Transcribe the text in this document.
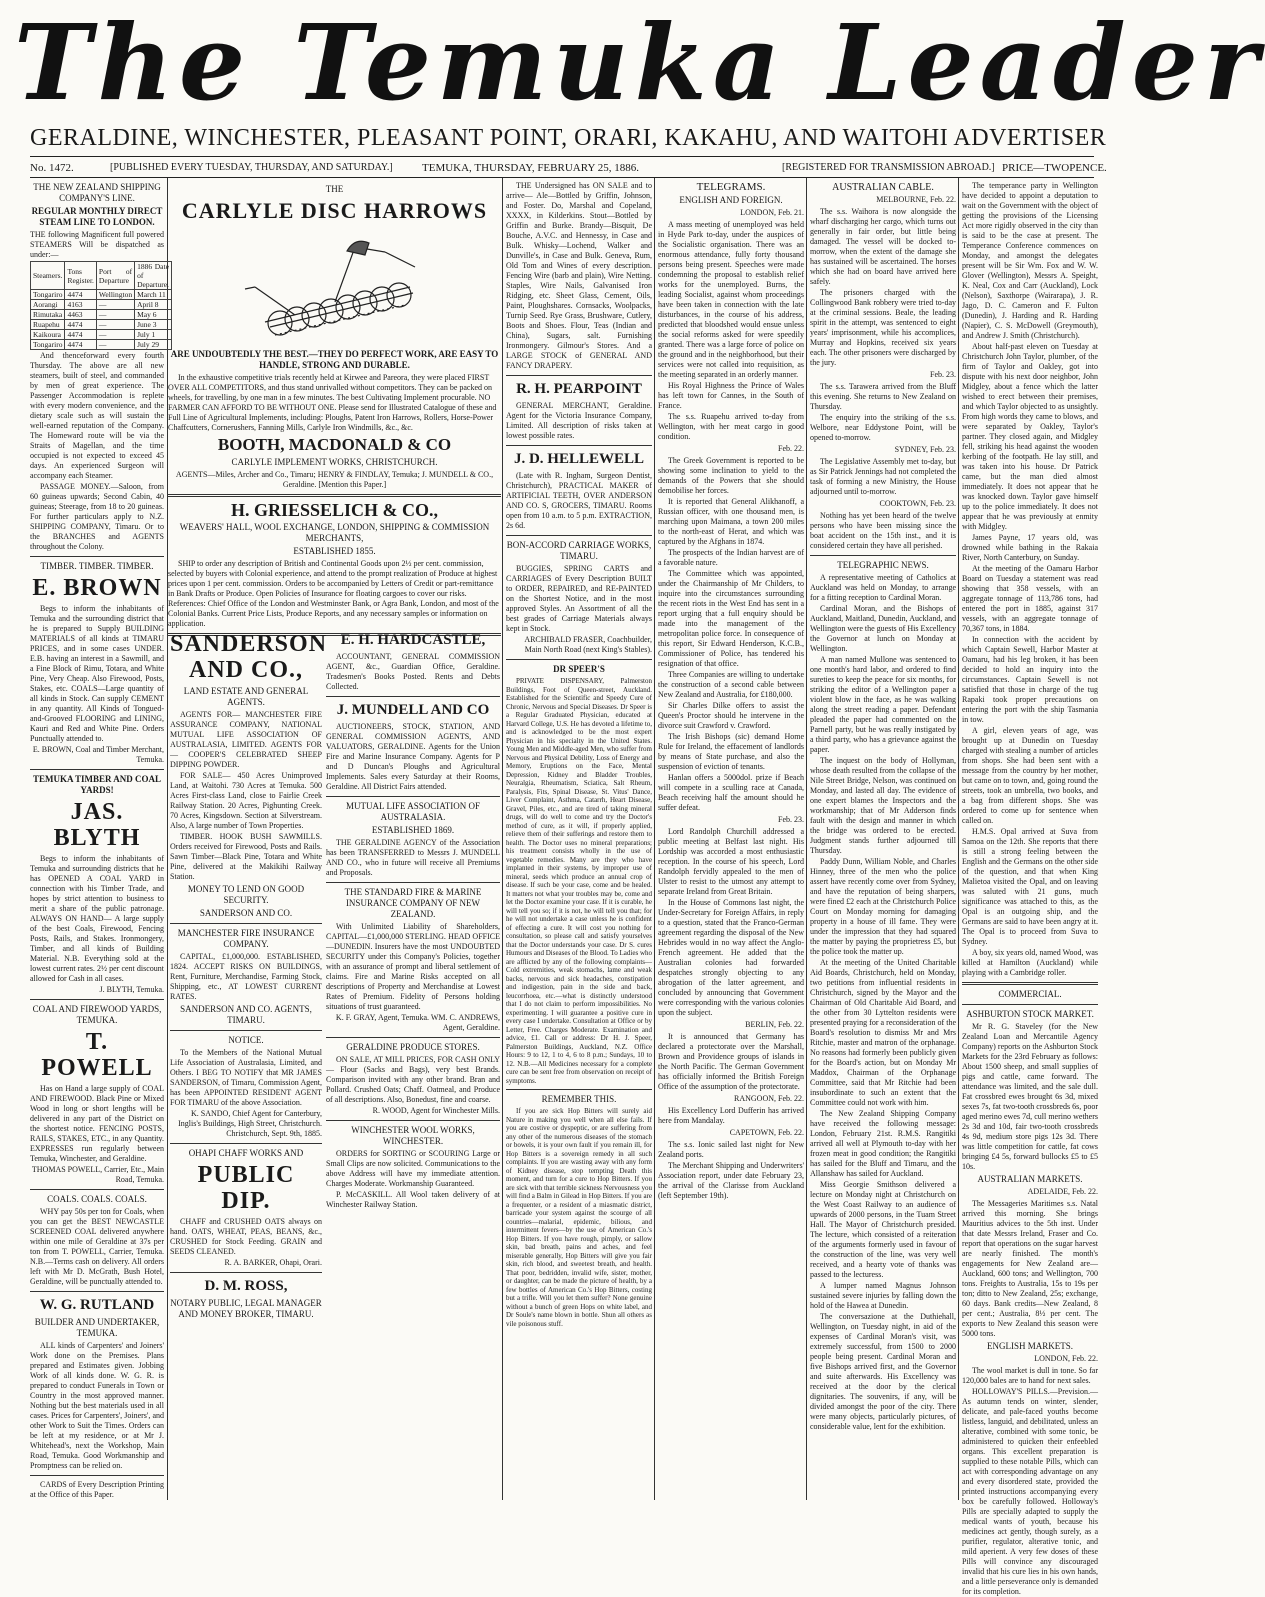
The Temuka Leader
GERALDINE, WINCHESTER, PLEASANT POINT, ORARI, KAKAHU, AND WAITOHI ADVERTISER
No. 1472.	[PUBLISHED EVERY TUESDAY, THURSDAY, AND SATURDAY.]	TEMUKA, THURSDAY, FEBRUARY 25, 1886.	[REGISTERED FOR TRANSMISSION ABROAD.] PRICE—TWOPENCE.
THE NEW ZEALAND SHIPPING COMPANY'S LINE.
REGULAR MONTHLY DIRECT STEAM LINE TO LONDON.
THE following Magnificent full powered STEAMERS Will be dispatched as under:—
Steamers.	Tons Register.	Port of Departure	1886 Date of Departure.
Tongariro	4474	Wellington	March 11
Aorangi	4163	—	April 8
Rimutaka	4463	—	May 6
Ruapehu	4474	—	June 3
Kaikoura	4474	—	July 1
Tongariro	4474	—	July 29
And thenceforward every fourth Thursday. The above are all new steamers, built of steel, and commanded by men of great experience. The Passenger Accommodation is replete with every modern convenience, and the dietary scale such as will sustain the well-earned reputation of the Company. The Homeward route will be via the Straits of Magellan, and the time occupied is not expected to exceed 45 days. An experienced Surgeon will accompany each Steamer.
PASSAGE MONEY.—Saloon, from 60 guineas upwards; Second Cabin, 40 guineas; Steerage, from 18 to 20 guineas. For further particulars apply to N.Z. SHIPPING COMPANY, Timaru. Or to the BRANCHES and AGENTS throughout the Colony.
TIMBER. TIMBER. TIMBER.
E. BROWN
Begs to inform the inhabitants of Temuka and the surrounding district that he is prepared to Supply BUILDING MATERIALS of all kinds at TIMARU PRICES, and in some cases UNDER. E.B. having an interest in a Sawmill, and a Fine Block of Rimu, Totara, and White Pine, Very Cheap. Also Firewood, Posts, Stakes, etc. COALS—Large quantity of all kinds in Stock. Can supply CEMENT in any quantity. All Kinds of Tongued-and-Grooved FLOORING and LINING, Kauri and Red and White Pine. Orders Punctually attended to.
E. BROWN, Coal and Timber Merchant, Temuka.
TEMUKA TIMBER AND COAL YARDS!
JAS. BLYTH
Begs to inform the inhabitants of Temuka and surrounding districts that he has OPENED A COAL YARD in connection with his Timber Trade, and hopes by strict attention to business to merit a share of the public patronage. ALWAYS ON HAND— A large supply of the best Coals, Firewood, Fencing Posts, Rails, and Stakes. Ironmongery, Timber, and all kinds of Building Material. N.B. Everything sold at the lowest current rates. 2½ per cent discount allowed for Cash in all cases.
J. BLYTH, Temuka.
COAL AND FIREWOOD YARDS, TEMUKA.
T. POWELL
Has on Hand a large supply of COAL AND FIREWOOD. Black Pine or Mixed Wood in long or short lengths will be delivered in any part of the District on the shortest notice. FENCING POSTS, RAILS, STAKES, ETC., in any Quantity. EXPRESSES run regularly between Temuka, Winchester, and Geraldine.
THOMAS POWELL, Carrier, Etc., Main Road, Temuka.
COALS. COALS. COALS.
WHY pay 50s per ton for Coals, when you can get the BEST NEWCASTLE SCREENED COAL delivered anywhere within one mile of Geraldine at 37s per ton from T. POWELL, Carrier, Temuka. N.B.—Terms cash on delivery. All orders left with Mr D. McGrath, Bush Hotel, Geraldine, will be punctually attended to.
W. G. RUTLAND
BUILDER AND UNDERTAKER, TEMUKA.
ALL kinds of Carpenters' and Joiners' Work done on the Premises. Plans prepared and Estimates given. Jobbing Work of all kinds done. W. G. R. is prepared to conduct Funerals in Town or Country in the most approved manner. Nothing but the best materials used in all cases. Prices for Carpenters', Joiners', and other Work to Suit the Times. Orders can be left at my residence, or at Mr J. Whitehead's, next the Workshop, Main Road, Temuka. Good Workmanship and Promptness can be relied on.
CARDS of Every Description Printing at the Office of this Paper.
THE
CARLYLE DISC HARROWS
ARE UNDOUBTEDLY THE BEST.—THEY DO PERFECT WORK, ARE EASY TO HANDLE, STRONG AND DURABLE.
In the exhaustive competitive trials recently held at Kirwee and Pareora, they were placed FIRST OVER ALL COMPETITORS, and thus stand unrivalled without competitors. They can be packed on wheels, for travelling, by one man in a few minutes. The best Cultivating Implement procurable. NO FARMER CAN AFFORD TO BE WITHOUT ONE. Please send for Illustrated Catalogue of these and Full Line of Agricultural Implements, including: Ploughs, Patent Iron Harrows, Rollers, Horse-Power Chaffcutters, Cornerushers, Fanning Mills, Carlyle Iron Windmills, &c., &c.
BOOTH, MACDONALD & CO
CARLYLE IMPLEMENT WORKS, CHRISTCHURCH.
AGENTS—Miles, Archer and Co., Timaru; HENRY & FINDLAY, Temuka; J. MUNDELL & CO., Geraldine. [Mention this Paper.]
H. GRIESSELICH & CO.,
WEAVERS' HALL, WOOL EXCHANGE, LONDON, SHIPPING & COMMISSION MERCHANTS,
ESTABLISHED 1855.
SHIP to order any description of British and Continental Goods upon 2½ per cent. commission, selected by buyers with Colonial experience, and attend to the prompt realization of Produce at highest prices upon 1 per cent. commission. Orders to be accompanied by Letters of Credit or part-remittance in Bank Drafts or Produce. Open Policies of Insurance for floating cargoes to cover our risks. References: Chief Office of the London and Westminster Bank, or Agra Bank, London, and most of the Colonial Banks. Current Price Lists, Produce Reports, and any necessary samples or information on application.
SANDERSON AND CO.,
LAND ESTATE AND GENERAL AGENTS.
AGENTS FOR— MANCHESTER FIRE ASSURANCE COMPANY, NATIONAL MUTUAL LIFE ASSOCIATION OF AUSTRALASIA, LIMITED. AGENTS FOR— COOPER'S CELEBRATED SHEEP DIPPING POWDER.
FOR SALE— 450 Acres Unimproved Land, at Waitohi. 730 Acres at Temuka. 500 Acres First-class Land, close to Fairlie Creek Railway Station. 20 Acres, Pighunting Creek. 70 Acres, Kingsdown. Section at Silverstream. Also, A large number of Town Properties.
TIMBER. HOOK BUSH SAWMILLS. Orders received for Firewood, Posts and Rails. Sawn Timber—Black Pine, Totara and White Pine, delivered at the Makikihi Railway Station.
MONEY TO LEND ON GOOD SECURITY.
SANDERSON AND CO.
MANCHESTER FIRE INSURANCE COMPANY.
CAPITAL, £1,000,000. ESTABLISHED, 1824. ACCEPT RISKS ON BUILDINGS, Rent, Furniture, Merchandise, Farming Stock, Shipping, etc., AT LOWEST CURRENT RATES.
SANDERSON AND CO. AGENTS, TIMARU.
NOTICE.
To the Members of the National Mutual Life Association of Australasia, Limited, and Others. I BEG TO NOTIFY that MR JAMES SANDERSON, of Timaru, Commission Agent, has been APPOINTED RESIDENT AGENT FOR TIMARU of the above Association.
K. SANDO, Chief Agent for Canterbury, Inglis's Buildings, High Street, Christchurch. Christchurch, Sept. 9th, 1885.
OHAPI CHAFF WORKS AND
PUBLIC DIP.
CHAFF and CRUSHED OATS always on hand. OATS, WHEAT, PEAS, BEANS, &c., CRUSHED for Stock Feeding. GRAIN and SEEDS CLEANED.
R. A. BARKER, Ohapi, Orari.
D. M. ROSS,
NOTARY PUBLIC, LEGAL MANAGER AND MONEY BROKER, TIMARU.
E. H. HARDCASTLE,
ACCOUNTANT, GENERAL COMMISSION AGENT, &c., Guardian Office, Geraldine. Tradesmen's Books Posted. Rents and Debts Collected.
J. MUNDELL AND CO
AUCTIONEERS, STOCK, STATION, AND GENERAL COMMISSION AGENTS, AND VALUATORS, GERALDINE. Agents for the Union Fire and Marine Insurance Company. Agents for P and D Duncan's Ploughs and Agricultural Implements. Sales every Saturday at their Rooms, Geraldine. All District Fairs attended.
MUTUAL LIFE ASSOCIATION OF AUSTRALASIA.
ESTABLISHED 1869.
THE GERALDINE AGENCY of the Association has been TRANSFERRED to Messrs J. MUNDELL AND CO., who in future will receive all Premiums and Proposals.
THE STANDARD FIRE & MARINE INSURANCE COMPANY OF NEW ZEALAND.
With Unlimited Liability of Shareholders, CAPITAL—£1,000,000 STERLING. HEAD OFFICE—DUNEDIN. Insurers have the most UNDOUBTED SECURITY under this Company's Policies, together with an assurance of prompt and liberal settlement of claims. Fire and Marine Risks accepted on all descriptions of Property and Merchandise at Lowest Rates of Premium. Fidelity of Persons holding situations of trust guaranteed.
K. F. GRAY, Agent, Temuka. WM. C. ANDREWS, Agent, Geraldine.
GERALDINE PRODUCE STORES.
ON SALE, AT MILL PRICES, FOR CASH ONLY— Flour (Sacks and Bags), very best Brands. Comparison invited with any other brand. Bran and Pollard. Crushed Oats; Chaff. Oatmeal, and Produce of all descriptions. Also, Bonedust, fine and coarse.
R. WOOD, Agent for Winchester Mills.
WINCHESTER WOOL WORKS, WINCHESTER.
ORDERS for SORTING or SCOURING Large or Small Clips are now solicited. Communications to the above Address will have my immediate attention. Charges Moderate. Workmanship Guaranteed.
P. McCASKILL. All Wool taken delivery of at Winchester Railway Station.
THE Undersigned has ON SALE and to arrive— Ale—Bottled by Griffin, Johnson, and Foster. Do, Marshal and Copeland, XXXX, in Kilderkins. Stout—Bottled by Griffin and Burke. Brandy—Bisquit, De Bouche, A.V.C. and Hennessy, in Case and Bulk. Whisky—Lochend, Walker and Dunville's, in Case and Bulk. Geneva, Rum, Old Tom and Wines of every description. Fencing Wire (barb and plain), Wire Netting. Staples, Wire Nails, Galvanised Iron Ridging, etc. Sheet Glass, Cement, Oils, Paint, Ploughshares. Cornsacks, Woolpacks, Turnip Seed. Rye Grass, Brushware, Cutlery, Boots and Shoes. Flour, Teas (Indian and China), Sugars, salt. Furnishing Ironmongery. Gilmour's Stores. And a LARGE STOCK of GENERAL AND FANCY DRAPERY.
R. H. PEARPOINT
GENERAL MERCHANT, Geraldine. Agent for the Victoria Insurance Company, Limited. All description of risks taken at lowest possible rates.
J. D. HELLEWELL
(Late with R. Ingham, Surgeon Dentist, Christchurch), PRACTICAL MAKER of ARTIFICIAL TEETH, OVER ANDERSON AND CO. S, GROCERS, TIMARU. Rooms open from 10 a.m. to 5 p.m. EXTRACTION, 2s 6d.
BON-ACCORD CARRIAGE WORKS, TIMARU.
BUGGIES, SPRING CARTS and CARRIAGES of Every Description BUILT to ORDER, REPAIRED, and RE-PAINTED on the Shortest Notice, and in the most approved Styles. An Assortment of all the best grades of Carriage Materials always kept in Stock.
ARCHIBALD FRASER, Coachbuilder, Main North Road (next King's Stables).
DR SPEER'S
PRIVATE DISPENSARY, Palmerston Buildings, Foot of Queen-street, Auckland. Established for the Scientific and Speedy Cure of Chronic, Nervous and Special Diseases. Dr Speer is a Regular Graduated Physician, educated at Harvard College, U.S. He has devoted a lifetime to, and is acknowledged to be the most expert Physician in his specialty in the United States. Young Men and Middle-aged Men, who suffer from Nervous and Physical Debility, Loss of Energy and Memory, Eruptions on the Face, Mental Depression, Kidney and Bladder Troubles, Neuralgia, Rheumatism, Sciatica, Salt Rheum, Paralysis, Fits, Spinal Disease, St. Vitus' Dance, Liver Complaint, Asthma, Catarrh, Heart Disease, Gravel, Piles, etc., and are tired of taking mineral drugs, will do well to come and try the Doctor's method of cure, as it will, if properly applied, relieve them of their sufferings and restore them to health. The Doctor uses no mineral preparations; his treatment consists wholly in the use of vegetable remedies. Many are they who have implanted in their systems, by improper use of mineral, seeds which produce an annual crop of disease. If such be your case, come and be healed. It matters not what your troubles may be, come and let the Doctor examine your case. If it is curable, he will tell you so; if it is not, he will tell you that; for he will not undertake a case unless he is confident of effecting a cure. It will cost you nothing for consultation, so please call and satisfy yourselves that the Doctor understands your case. Dr S. cures Humours and Diseases of the Blood. To Ladies who are afflicted by any of the following complaints—Cold extremities, weak stomachs, lame and weak backs, nervous and sick headaches, constipation and indigestion, pain in the side and back, leucorrhoea, etc.—what is distinctly understood that I do not claim to perform impossibilities. No experimenting. I will guarantee a positive cure in every case I undertake. Consultation at Office or by Letter, Free. Charges Moderate. Examination and advice, £1. Call or address: Dr H. J. Speer, Palmerston Buildings, Auckland, N.Z. Office Hours: 9 to 12, 1 to 4, 6 to 8 p.m.; Sundays, 10 to 12. N.B.—All Medicines necessary for a complete cure can be sent free from observation on receipt of symptoms.
REMEMBER THIS.
If you are sick Hop Bitters will surely aid Nature in making you well when all else fails. If you are costive or dyspeptic, or are suffering from any other of the numerous diseases of the stomach or bowels, it is your own fault if you remain ill, for Hop Bitters is a sovereign remedy in all such complaints. If you are wasting away with any form of Kidney disease, stop tempting Death this moment, and turn for a cure to Hop Bitters. If you are sick with that terrible sickness Nervousness you will find a Balm in Gilead in Hop Bitters. If you are a frequenter, or a resident of a miasmatic district, barricade your system against the scourge of all countries—malarial, epidemic, bilious, and intermittent fevers—by the use of American Co.'s Hop Bitters. If you have rough, pimply, or sallow skin, bad breath, pains and aches, and feel miserable generally, Hop Bitters will give you fair skin, rich blood, and sweetest breath, and health. That poor, bedridden, invalid wife, sister, mother, or daughter, can be made the picture of health, by a few bottles of American Co.'s Hop Bitters, costing but a trifle. Will you let them suffer? None genuine without a bunch of green Hops on white label, and Dr Soule's name blown in bottle. Shun all others as vile poisonous stuff.
TELEGRAMS.
ENGLISH AND FOREIGN.
LONDON, Feb. 21.
A mass meeting of unemployed was held in Hyde Park to-day, under the auspices of the Socialistic organisation. There was an enormous attendance, fully forty thousand persons being present. Speeches were made condemning the proposal to establish relief works for the unemployed. Burns, the leading Socialist, against whom proceedings have been taken in connection with the late disturbances, in the course of his address, predicted that bloodshed would ensue unless the social reforms asked for were speedily granted. There was a large force of police on the ground and in the neighborhood, but their services were not called into requisition, as the meeting separated in an orderly manner.
His Royal Highness the Prince of Wales has left town for Cannes, in the South of France.
The s.s. Ruapehu arrived to-day from Wellington, with her meat cargo in good condition.
Feb. 22.
The Greek Government is reported to be showing some inclination to yield to the demands of the Powers that she should demobilise her forces.
It is reported that General Alikhanoff, a Russian officer, with one thousand men, is marching upon Maimana, a town 200 miles to the north-east of Herat, and which was captured by the Afghans in 1874.
The prospects of the Indian harvest are of a favorable nature.
The Committee which was appointed, under the Chairmanship of Mr Childers, to inquire into the circumstances surrounding the recent riots in the West End has sent in a report urging that a full enquiry should be made into the management of the metropolitan police force. In consequence of this report, Sir Edward Henderson, K.C.B., Commissioner of Police, has tendered his resignation of that office.
Three Companies are willing to undertake the construction of a second cable between New Zealand and Australia, for £180,000.
Sir Charles Dilke offers to assist the Queen's Proctor should he intervene in the divorce suit Crawford v. Crawford.
The Irish Bishops (sic) demand Home Rule for Ireland, the effacement of landlords by means of State purchase, and also the suspension of eviction of tenants.
Hanlan offers a 5000dol. prize if Beach will compete in a sculling race at Canada, Beach receiving half the amount should he suffer defeat.
Feb. 23.
Lord Randolph Churchill addressed a public meeting at Belfast last night. His Lordship was accorded a most enthusiastic reception. In the course of his speech, Lord Randolph fervidly appealed to the men of Ulster to resist to the utmost any attempt to separate Ireland from Great Britain.
In the House of Commons last night, the Under-Secretary for Foreign Affairs, in reply to a question, stated that the Franco-German agreement regarding the disposal of the New Hebrides would in no way affect the Anglo-French agreement. He added that the Australian colonies had forwarded despatches strongly objecting to any abrogation of the latter agreement, and concluded by announcing that Government were corresponding with the various colonies upon the subject.
BERLIN, Feb. 22.
It is announced that Germany has declared a protectorate over the Marshall, Brown and Providence groups of islands in the North Pacific. The German Government has officially informed the British Foreign Office of the assumption of the protectorate.
RANGOON, Feb. 22.
His Excellency Lord Dufferin has arrived here from Mandalay.
CAPETOWN, Feb. 22.
The s.s. Ionic sailed last night for New Zealand ports.
The Merchant Shipping and Underwriters' Association report, under date February 23, the arrival of the Clarisse from Auckland (left September 19th).
AUSTRALIAN CABLE.
MELBOURNE, Feb. 22.
The s.s. Waihora is now alongside the wharf discharging her cargo, which turns out generally in fair order, but little being damaged. The vessel will be docked to-morrow, when the extent of the damage she has sustained will be ascertained. The horses which she had on board have arrived here safely.
The prisoners charged with the Collingwood Bank robbery were tried to-day at the criminal sessions. Beale, the leading spirit in the attempt, was sentenced to eight years' imprisonment, while his accomplices, Murray and Hopkins, received six years each. The other prisoners were discharged by the jury.
Feb. 23.
The s.s. Tarawera arrived from the Bluff this evening. She returns to New Zealand on Thursday.
The enquiry into the striking of the s.s. Welbore, near Eddystone Point, will be opened to-morrow.
SYDNEY, Feb. 23.
The Legislative Assembly met to-day, but as Sir Patrick Jennings had not completed the task of forming a new Ministry, the House adjourned until to-morrow.
COOKTOWN, Feb. 23.
Nothing has yet been heard of the twelve persons who have been missing since the boat accident on the 15th inst., and it is considered certain they have all perished.
TELEGRAPHIC NEWS.
A representative meeting of Catholics at Auckland was held on Monday, to arrange for a fitting reception to Cardinal Moran.
Cardinal Moran, and the Bishops of Auckland, Maitland, Dunedin, Auckland, and Wellington were the guests of His Excellency the Governor at lunch on Monday at Wellington.
A man named Mullone was sentenced to one month's hard labor, and ordered to find sureties to keep the peace for six months, for striking the editor of a Wellington paper a violent blow in the face, as he was walking along the street reading a paper. Defendant pleaded the paper had commented on the Parnell party, but he was really instigated by a third party, who has a grievance against the paper.
The inquest on the body of Hollyman, whose death resulted from the collapse of the Nile Street Bridge, Nelson, was continued on Monday, and lasted all day. The evidence of one expert blames the Inspectors and the workmanship; that of Mr Adderson finds fault with the design and manner in which the bridge was ordered to be erected. Judgment stands further adjourned till Thursday.
Paddy Dunn, William Noble, and Charles Hinney, three of the men who the police assert have recently come over from Sydney, and have the reputation of being sharpers, were fined £2 each at the Christchurch Police Court on Monday morning for damaging property in a house of ill fame. They were under the impression that they had squared the matter by paying the proprietress £5, but the police took the matter up.
At the meeting of the United Charitable Aid Boards, Christchurch, held on Monday, two petitions from influential residents in Christchurch, signed by the Mayor and the Chairman of Old Charitable Aid Board, and the other from 30 Lyttelton residents were presented praying for a reconsideration of the Board's resolution to dismiss Mr and Mrs Ritchie, master and matron of the orphanage. No reasons had formerly been publicly given for the Board's action, but on Monday Mr Maddox, Chairman of the Orphanage Committee, said that Mr Ritchie had been insubordinate to such an extent that the Committee could not work with him.
The New Zealand Shipping Company have received the following message: London, February 21st. R.M.S. Rangitiki arrived all well at Plymouth to-day with her frozen meat in good condition; the Rangitiki has sailed for the Bluff and Timaru, and the Allanshaw has sailed for Auckland.
Miss Georgie Smithson delivered a lecture on Monday night at Christchurch on the West Coast Railway to an audience of upwards of 2000 persons, in the Tuam Street Hall. The Mayor of Christchurch presided. The lecture, which consisted of a reiteration of the arguments formerly used in favour of the construction of the line, was very well received, and a hearty vote of thanks was passed to the lecturess.
A lumper named Magnus Johnson sustained severe injuries by falling down the hold of the Hawea at Dunedin.
The conversazione at the Duthiehall, Wellington, on Tuesday night, in aid of the expenses of Cardinal Moran's visit, was extremely successful, from 1500 to 2000 people being present. Cardinal Moran and five Bishops arrived first, and the Governor and suite afterwards. His Excellency was received at the door by the clerical dignitaries. The souvenirs, if any, will be divided amongst the poor of the city. There were many objects, particularly pictures, of considerable value, lent for the exhibition.
The temperance party in Wellington have decided to appoint a deputation to wait on the Government with the object of getting the provisions of the Licensing Act more rigidly observed in the city than is said to be the case at present. The Temperance Conference commences on Monday, and amongst the delegates present will be Sir Wm. Fox and W. W. Glover (Wellington), Messrs A. Speight, K. Neal, Cox and Carr (Auckland), Lock (Nelson), Saxthorpe (Wairarapa), J. R. Jago, D. C. Cameron and F. Fulton (Dunedin), J. Harding and R. Harding (Napier), C. S. McDowell (Greymouth), and Andrew J. Smith (Christchurch).
About half-past eleven on Tuesday at Christchurch John Taylor, plumber, of the firm of Taylor and Oakley, got into dispute with his next door neighbor, John Midgley, about a fence which the latter wished to erect between their premises, and which Taylor objected to as unsightly. From high words they came to blows, and were separated by Oakley, Taylor's partner. They closed again, and Midgley fell, striking his head against the wooden kerbing of the footpath. He lay still, and was taken into his house. Dr Patrick came, but the man died almost immediately. It does not appear that he was knocked down. Taylor gave himself up to the police immediately. It does not appear that he was previously at enmity with Midgley.
James Payne, 17 years old, was drowned while bathing in the Rakaia River, North Canterbury, on Sunday.
At the meeting of the Oamaru Harbor Board on Tuesday a statement was read showing that 358 vessels, with an aggregate tonnage of 113,786 tons, had entered the port in 1885, against 317 vessels, with an aggregate tonnage of 70,367 tons, in 1884.
In connection with the accident by which Captain Sewell, Harbor Master at Oamaru, had his leg broken, it has been decided to hold an inquiry into the circumstances. Captain Sewell is not satisfied that those in charge of the tug Rapaki took proper precautions on entering the port with the ship Tasmania in tow.
A girl, eleven years of age, was brought up at Dunedin on Tuesday charged with stealing a number of articles from shops. She had been sent with a message from the country by her mother, but came on to town, and, going round the streets, took an umbrella, two books, and a bag from different shops. She was ordered to come up for sentence when called on.
H.M.S. Opal arrived at Suva from Samoa on the 12th. She reports that there is still a strong feeling between the English and the Germans on the other side of the question, and that when King Malietoa visited the Opal, and on leaving was saluted with 21 guns, much significance was attached to this, as the Opal is an outgoing ship, and the Germans are said to have been angry at it. The Opal is to proceed from Suva to Sydney.
A boy, six years old, named Wood, was killed at Hamilton (Auckland) while playing with a Cambridge roller.
COMMERCIAL.
ASHBURTON STOCK MARKET.
Mr R. G. Staveley (for the New Zealand Loan and Mercantile Agency Company) reports on the Ashburton Stock Markets for the 23rd February as follows: About 1500 sheep, and small supplies of pigs and cattle, came forward. The attendance was limited, and the sale dull. Fat crossbred ewes brought 6s 3d, mixed sexes 7s, fat two-tooth crossbreds 6s, poor aged merino ewes 7d, cull merino wethers 2s 3d and 10d, fair two-tooth crossbreds 4s 9d, medium store pigs 12s 3d. There was little competition for cattle, fat cows bringing £4 5s, forward bullocks £5 to £5 10s.
AUSTRALIAN MARKETS.
ADELAIDE, Feb. 22.
The Messageries Maritimes s.s. Natal arrived this morning. She brings Mauritius advices to the 5th inst. Under that date Messrs Ireland, Fraser and Co. report that operations on the sugar harvest are nearly finished. The month's engagements for New Zealand are—Auckland, 600 tons; and Wellington, 700 tons. Freights to Australia, 15s to 19s per ton; ditto to New Zealand, 25s; exchange, 60 days. Bank credits—New Zealand, 8 per cent.; Australia, 8½ per cent. The exports to New Zealand this season were 5000 tons.
ENGLISH MARKETS.
LONDON, Feb. 22.
The wool market is dull in tone. So far 120,000 bales are to hand for next sales.
HOLLOWAY'S PILLS.—Prevision.—As autumn tends on winter, slender, delicate, and pale-faced youths become listless, languid, and debilitated, unless an alterative, combined with some tonic, be administered to quicken their enfeebled organs. This excellent preparation is supplied to these notable Pills, which can act with corresponding advantage on any and every disordered state, provided the printed instructions accompanying every box be carefully followed. Holloway's Pills are specially adapted to supply the medical wants of youth, because his medicines act gently, though surely, as a purifier, regulator, alterative tonic, and mild aperient. A very few doses of these Pills will convince any discouraged invalid that his cure lies in his own hands, and a little perseverance only is demanded for its completion.
